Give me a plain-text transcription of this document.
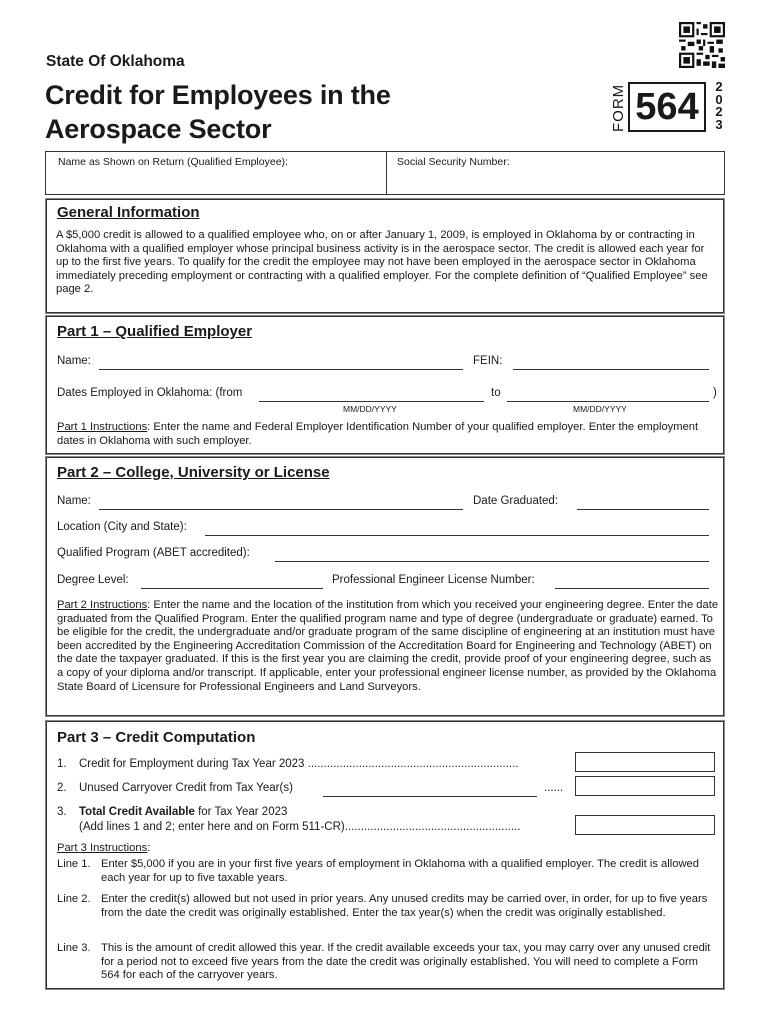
State Of Oklahoma
Credit for Employees in the
Aerospace Sector	FORM 564	2
0
2
3
Name as Shown on Return (Qualified Employee):	Social Security Number:
General Information
A $5,000 credit is allowed to a qualified employee who, on or after January 1, 2009, is employed in Oklahoma by or contracting in Oklahoma with a qualified employer whose principal business activity is in the aerospace sector. The credit is allowed each year for up to the first five years. To qualify for the credit the employee may not have been employed in the aerospace sector in Oklahoma immediately preceding employment or contracting with a qualified employer. For the complete definition of “Qualified Employee” see page 2.
Part 1 – Qualified Employer
Name:	FEIN:
Dates Employed in Oklahoma: (from	to	)
MM/DD/YYYY	MM/DD/YYYY
Part 1 Instructions: Enter the name and Federal Employer Identification Number of your qualified employer. Enter the employment dates in Oklahoma with such employer.
Part 2 – College, University or License
Name:	Date Graduated:
Location (City and State):
Qualified Program (ABET accredited):
Degree Level:	Professional Engineer License Number:
Part 2 Instructions: Enter the name and the location of the institution from which you received your engineering degree. Enter the date graduated from the Qualified Program. Enter the qualified program name and type of degree (undergraduate or graduate) earned. To be eligible for the credit, the undergraduate and/or graduate program of the same discipline of engineering at an institution must have been accredited by the Engineering Accreditation Commission of the Accreditation Board for Engineering and Technology (ABET) on the date the taxpayer graduated. If this is the first year you are claiming the credit, provide proof of your engineering degree, such as a copy of your diploma and/or transcript. If applicable, enter your professional engineer license number, as provided by the Oklahoma State Board of Licensure for Professional Engineers and Land Surveyors.
Part 3 – Credit Computation
1. Credit for Employment during Tax Year 2023 ..................................................................
2. Unused Carryover Credit from Tax Year(s)	......
3. Total Credit Available for Tax Year 2023
(Add lines 1 and 2; enter here and on Form 511-CR).......................................................
Part 3 Instructions:
Line 1. Enter $5,000 if you are in your first five years of employment in Oklahoma with a qualified employer. The credit is allowed each year for up to five taxable years.
Line 2. Enter the credit(s) allowed but not used in prior years. Any unused credits may be carried over, in order, for up to five years from the date the credit was originally established. Enter the tax year(s) when the credit was originally established.
Line 3. This is the amount of credit allowed this year. If the credit available exceeds your tax, you may carry over any unused credit for a period not to exceed five years from the date the credit was originally established. You will need to complete a Form 564 for each of the carryover years.
